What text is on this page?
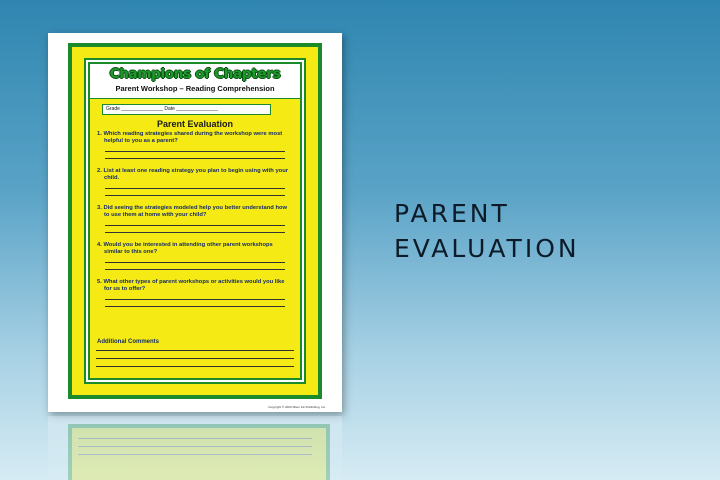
Champions of Chapters
Parent Workshop – Reading Comprehension
Grade _______________ Date _______________
Parent Evaluation
1. Which reading strategies shared during the workshop were most helpful to you as a parent?
2. List at least one reading strategy you plan to begin using with your child.
3. Did seeing the strategies modeled help you better understand how to use them at home with your child?
4. Would you be interested in attending other parent workshops similar to this one?
5. What other types of parent workshops or activities would you like for us to offer?
Additional Comments
Copyright © 2020 Silver Ink Publishing, Inc.
PARENT
EVALUATION
